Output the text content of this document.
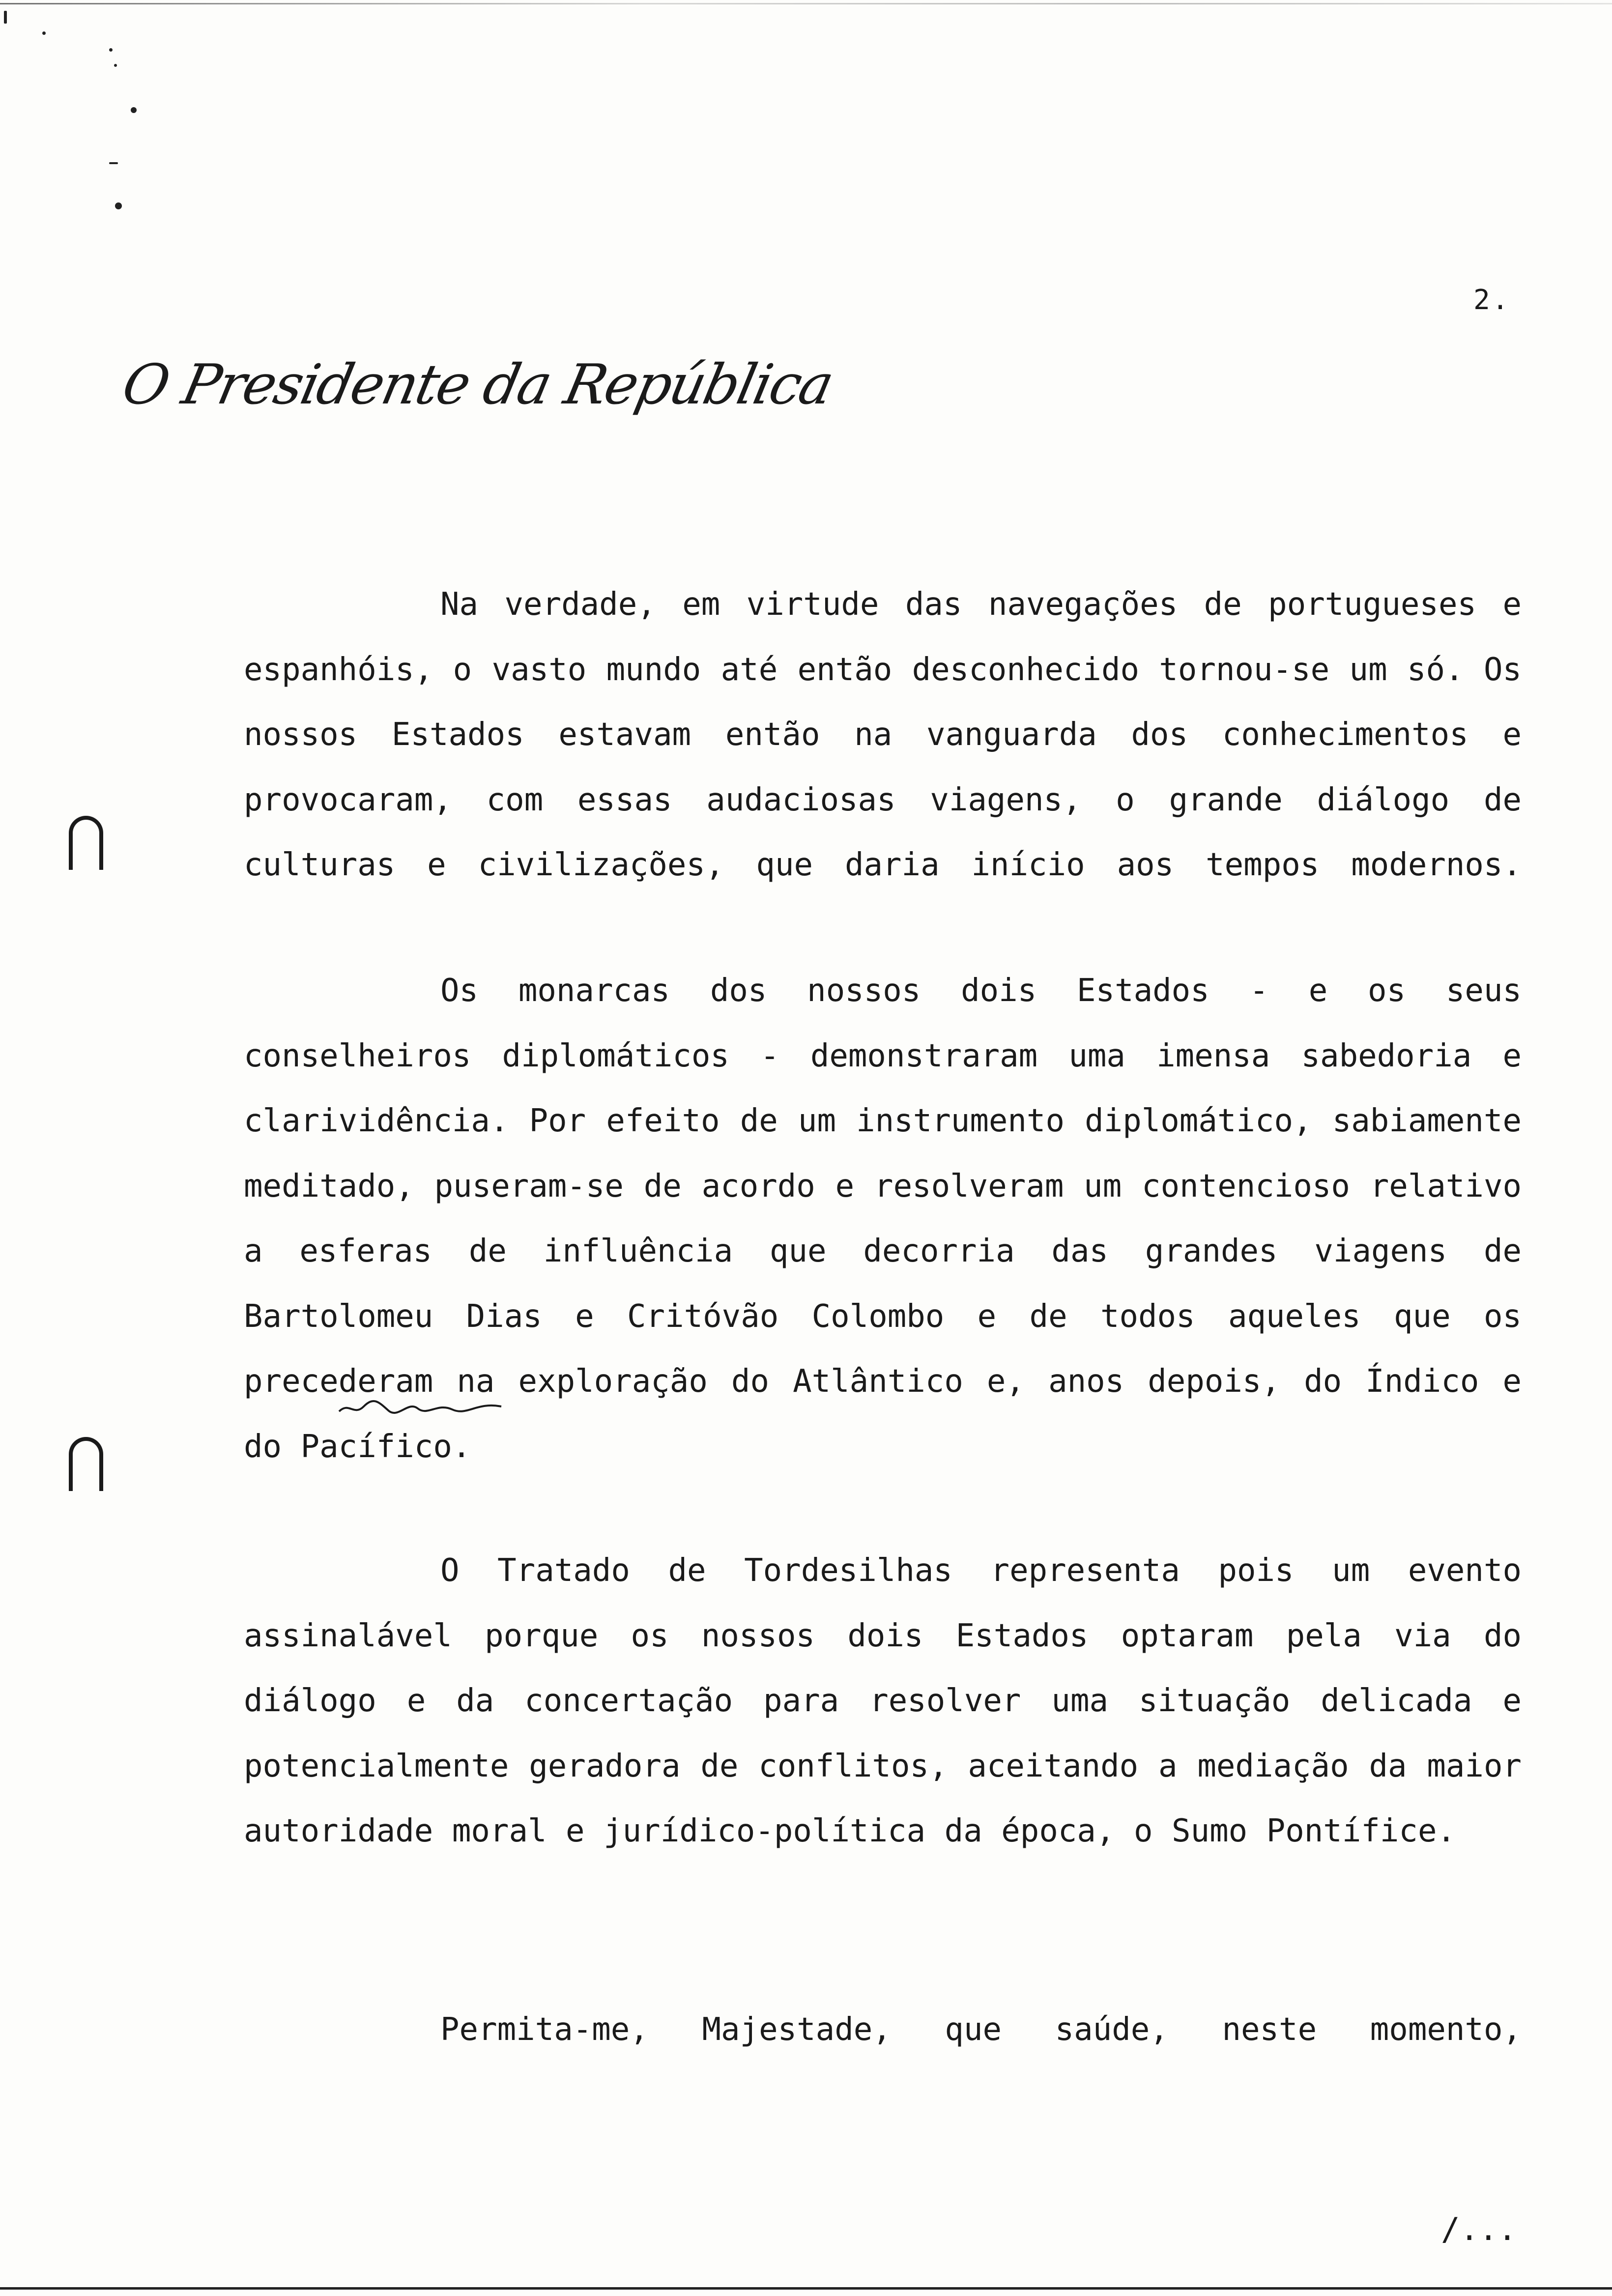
2.
O Presidente da República

Na verdade, em virtude das navegações de portugueses e espanhóis, o vasto mundo até então desconhecido tornou-se um só. Os nossos Estados estavam então na vanguarda dos conhecimentos e provocaram, com essas audaciosas viagens, o grande diálogo de culturas e civilizações, que daria início aos tempos modernos.

Os monarcas dos nossos dois Estados - e os seus conselheiros diplomáticos - demonstraram uma imensa sabedoria e clarividência. Por efeito de um instrumento diplomático, sabiamente meditado, puseram-se de acordo e resolveram um contencioso relativo a esferas de influência que decorria das grandes viagens de Bartolomeu Dias e Critóvão Colombo e de todos aqueles que os precederam na exploração do Atlântico e, anos depois, do Índico e do Pacífico.

O Tratado de Tordesilhas representa pois um evento assinalável porque os nossos dois Estados optaram pela via do diálogo e da concertação para resolver uma situação delicada e potencialmente geradora de conflitos, aceitando a mediação da maior autoridade moral e jurídico-política da época, o Sumo Pontífice.

Permita-me, Majestade, que saúde, neste momento,

/...
